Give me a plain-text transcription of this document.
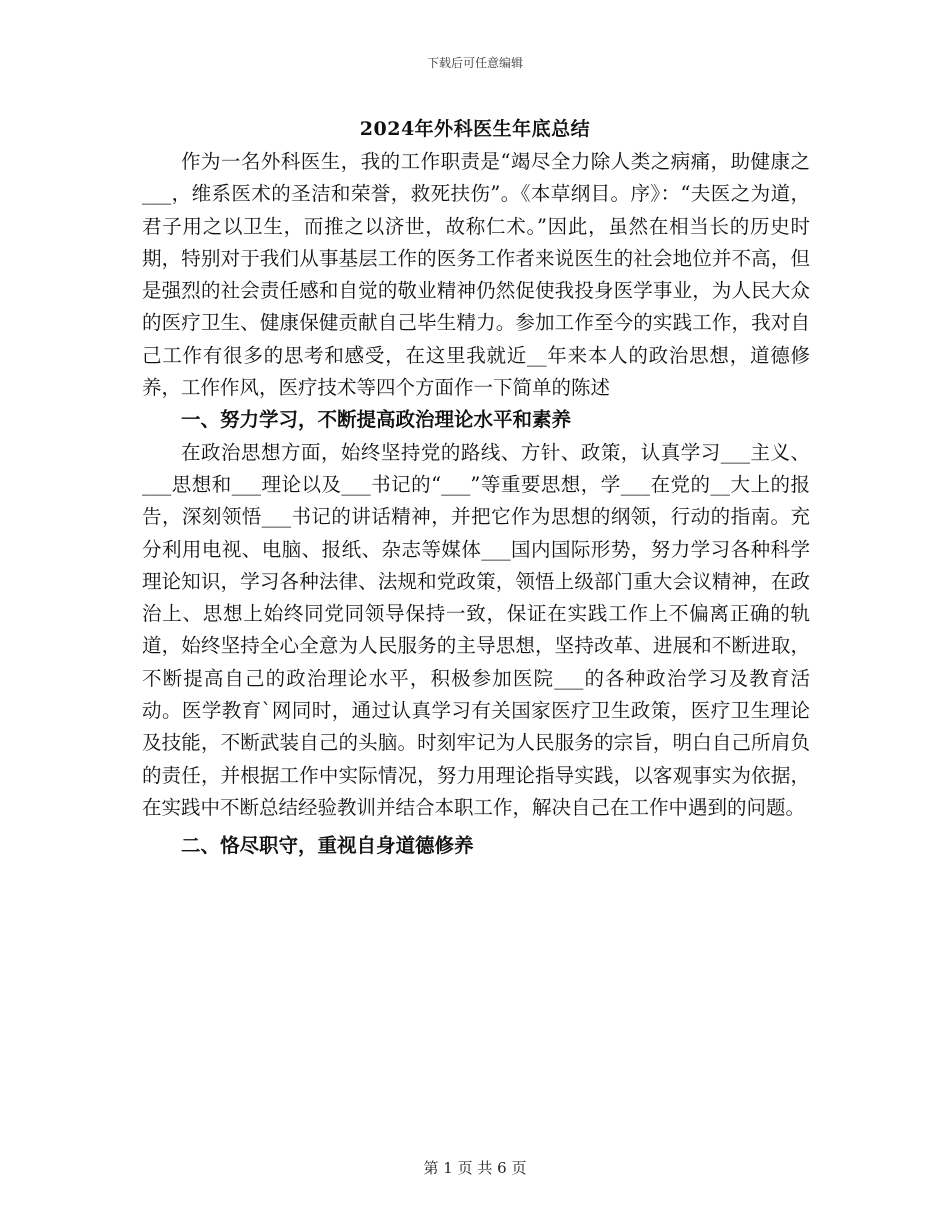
下载后可任意编辑
2024年外科医生年底总结

作为一名外科医生，我的工作职责是“竭尽全力除人类之病痛，助健康之___，维系医术的圣洁和荣誉，救死扶伤”。《本草纲目。序》：“夫医之为道，君子用之以卫生，而推之以济世，故称仁术。”因此，虽然在相当长的历史时期，特别对于我们从事基层工作的医务工作者来说医生的社会地位并不高，但是强烈的社会责任感和自觉的敬业精神仍然促使我投身医学事业，为人民大众的医疗卫生、健康保健贡献自己毕生精力。参加工作至今的实践工作，我对自己工作有很多的思考和感受，在这里我就近__年来本人的政治思想，道德修养，工作作风，医疗技术等四个方面作一下简单的陈述

一、努力学习，不断提高政治理论水平和素养

在政治思想方面，始终坚持党的路线、方针、政策，认真学习___主义、___思想和___理论以及___书记的“___”等重要思想，学___在党的__大上的报告，深刻领悟___书记的讲话精神，并把它作为思想的纲领，行动的指南。充分利用电视、电脑、报纸、杂志等媒体___国内国际形势，努力学习各种科学理论知识，学习各种法律、法规和党政策，领悟上级部门重大会议精神，在政治上、思想上始终同党同领导保持一致，保证在实践工作上不偏离正确的轨道，始终坚持全心全意为人民服务的主导思想，坚持改革、进展和不断进取，不断提高自己的政治理论水平，积极参加医院___的各种政治学习及教育活动。医学教育`网同时，通过认真学习有关国家医疗卫生政策，医疗卫生理论及技能，不断武装自己的头脑。时刻牢记为人民服务的宗旨，明白自己所肩负的责任，并根据工作中实际情况，努力用理论指导实践，以客观事实为依据，在实践中不断总结经验教训并结合本职工作，解决自己在工作中遇到的问题。

二、恪尽职守，重视自身道德修养
第 1 页 共 6 页
